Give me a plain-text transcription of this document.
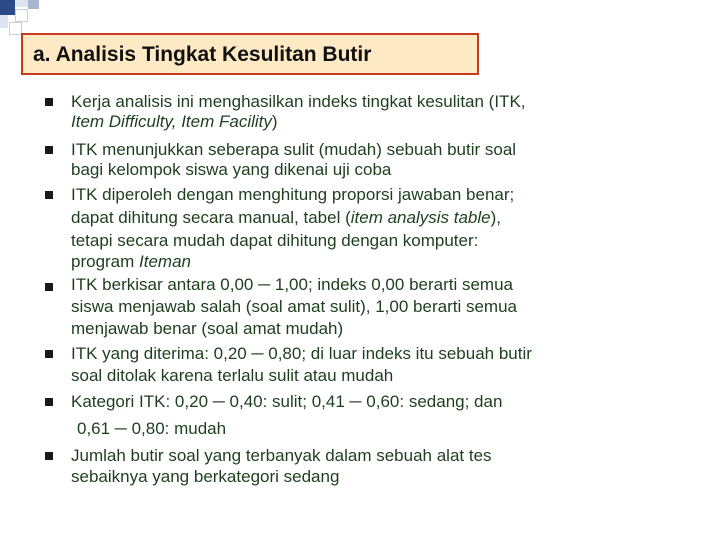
a. Analisis Tingkat Kesulitan Butir
Kerja analisis ini menghasilkan indeks tingkat kesulitan (ITK,
Item Difficulty, Item Facility)
ITK menunjukkan seberapa sulit (mudah) sebuah butir soal
bagi kelompok siswa yang dikenai uji coba
ITK diperoleh dengan menghitung proporsi jawaban benar;
dapat dihitung secara manual, tabel (item analysis table),
tetapi secara mudah dapat dihitung dengan komputer:
program Iteman
ITK berkisar antara 0,00 ─ 1,00; indeks 0,00 berarti semua
siswa menjawab salah (soal amat sulit), 1,00 berarti semua
menjawab benar (soal amat mudah)
ITK yang diterima: 0,20 ─ 0,80; di luar indeks itu sebuah butir
soal ditolak karena terlalu sulit atau mudah
Kategori ITK: 0,20 ─ 0,40: sulit; 0,41 ─ 0,60: sedang; dan
0,61 ─ 0,80: mudah
Jumlah butir soal yang terbanyak dalam sebuah alat tes
sebaiknya yang berkategori sedang
